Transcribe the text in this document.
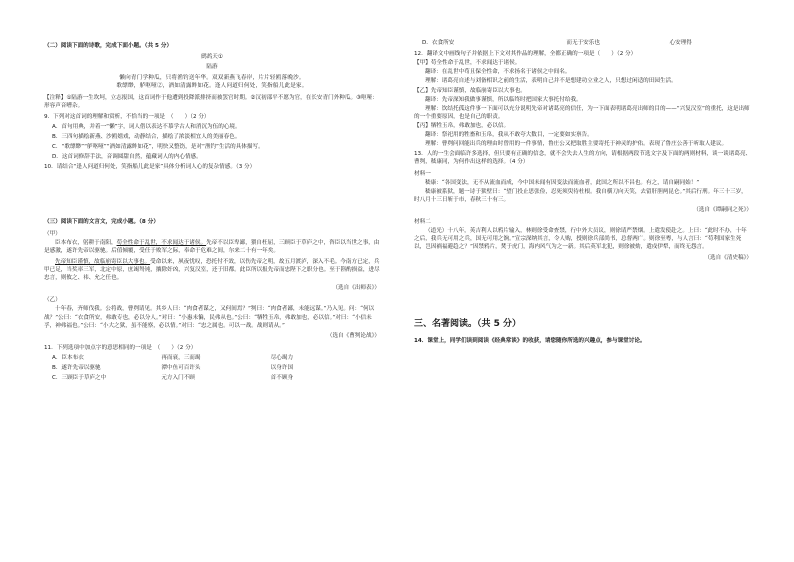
（二）阅读下面的诗歌，完成下面小题。（共 5 分）
鹧鸪天①
陆游
懒向青门学种瓜，只将渔钓送年华。双双新燕飞春岸，片片轻鸥落晚沙。
歌缥缈，舻呕哑②，酒如清露鲊如花。逢人问道归何处，笑指船儿此是家。
【注释】①陆游一生坎坷，立志报国，这首词作于他遭到投降派排挤而被罢官时期。②汉初邵平不愿为官，在长安青门外种瓜。③呕哑：形容声音嘈杂。
9．下列对这首词的理解和赏析，不恰当的一项是　（　　）（2 分）
A．首句用典，并着一“懒”字，词人借以表达不慕学古人和消沉为伍的心境。
B．三四句描绘新燕、沙鸥嬉戏，动静结合，描绘了浓淡相宜人的美丽春色。
C．“歌缥缈”“舻呕哑”“酒如清露鲊如花”，明快又整饬，是对“渔钓”生活的具体描写。
D．这首词修辞手法，音调圆甜自然，蕴藏词人的内心情感。
10．请结合“逢人问道归何处，笑指船儿此是家”具体分析词人心的复杂情感。（3 分）
（三）阅读下面的文言文，完成小题。（8 分）
（甲）
臣本布衣，躬耕于南阳，苟全性命于乱世，不求闻达于诸侯。先帝不以臣卑鄙，猥自枉屈，三顾臣于草庐之中，咨臣以当世之事，由是感激，遂许先帝以驱驰。后值倾覆，受任于败军之际，奉命于危难之间，尔来二十有一年矣。
先帝知臣谨慎，故临崩寄臣以大事也。受命以来，夙夜忧叹，恐托付不效，以伤先帝之明，故五月渡泸，深入不毛。今南方已定，兵甲已足，当奖率三军，北定中原，庶竭驽钝，攘除奸凶，兴复汉室，还于旧都。此臣所以报先帝而忠陛下之职分也。至于斟酌损益，进尽忠言，则攸之、祎、允之任也。
（选自《出师表》）
（乙）
十年春，齐师伐我。公将战，曹刿请见。其乡人曰：“肉食者谋之，又何间焉？”刿曰：“肉食者鄙，未能远谋。”乃入见。问：“何以战？”公曰：“衣食所安，弗敢专也，必以分人。”对曰：“小惠未徧，民弗从也。”公曰：“牺牲玉帛，弗敢加也，必以信。”对曰：“小信未孚，神弗福也。”公曰：“小大之狱，虽不能察，必以情。”对曰：“忠之属也。可以一战。战则请从。”
（选自《曹刿论战》）
11．下列选项中加点字的意思相同的一项是　（　　）（2 分）
A．臣本布衣	再而衰，三而竭	尽心竭力
B．遂许先帝以驱驰	潭中鱼可百许头	以身许国
C．三顾臣于草庐之中	元方入门不顾	首不顾身
D．衣食所安	而无于安乐也	心安理得
12．翻译文中画线句子并依据上下文对其作品的理解，全都正确的一项是（　　）（2 分）
【甲】苟全性命于乱世，不求闻达于诸侯。
翻译：在乱世中苟且保全性命，不求扬名于诸侯之中间名。
理解：诸葛亮自述与刘备相识之前的生活，表明自己并不是想建功立业之人，只想过闲适的田园生活。
【乙】先帝知臣谨慎，故临崩寄臣以大事也。
翻译：先帝深知我做事谨慎，所以临终时把国家大事托付给我。
理解：饮结托孤这件事一下面可以充分说明先帝对诸葛亮的信任，为一下面表明诸葛亮出师的目的——“兴复汉室”的重托，这是出师的一个重要原因，也是自己的职责。
【丙】牺牲玉帛，弗敢加也，必以信。
翻译：祭祀用的牲畜和玉帛，我从不敢夸大数目，一定要如实禀告。
理解：曹刿问回能出兵的理由时曾用的一件事情，鲁庄公又把取胜主要寄托于神灵的护佑。表现了鲁庄公善于听取人建议。
13．人的一生会面临许多选择，但只要有正确的信念，就不会失去人生的方向，请根据两段节选文字及下面的两则材料，谈一谈诸葛亮、曹刿，嵇康同，为何作出这样的选择。（4 分）
材料一
嵇康：“各国变法，无不从流血而成，今中国未闻有因变法而流血者，此国之所以不昌也。有之，请自嗣同始！”
嵇康被系狱，题一诗于狱壁曰：“望门投止思张俭，忍死须臾待杜根。我自横刀向天笑，去留肝胆两昆仑。”其后行刑。年三十三岁，时八月十三日斩于市，春秋三十有三。
（选自《谭嗣同之死》）
材料二
（道光）十八年，英吉利人以鸦片输入，林则徐受命查禁，行中外大员议，则徐请严禁烟。上遣发使赴之。上曰：“此时不办，十年之后，我兵无可用之兵，国无可用之饷。”宣宗深纳其言，令人购，授则徐兵部尚书，总督两广。则徐至粤，与人言曰：“苟利国家生死以，岂因祸福避趋之？”因禁鸦片，焚于虎门，海内风气为之一新。其后英军北犯，则徐被劾，遣戍伊犁，而终无怨言。
（选自《清史稿》）
三、名著阅读。（共 5 分）
14．课堂上，同学们读到阅读《经典常谈》的收获，请您随你所选的兴趣点，参与课堂讨论。
